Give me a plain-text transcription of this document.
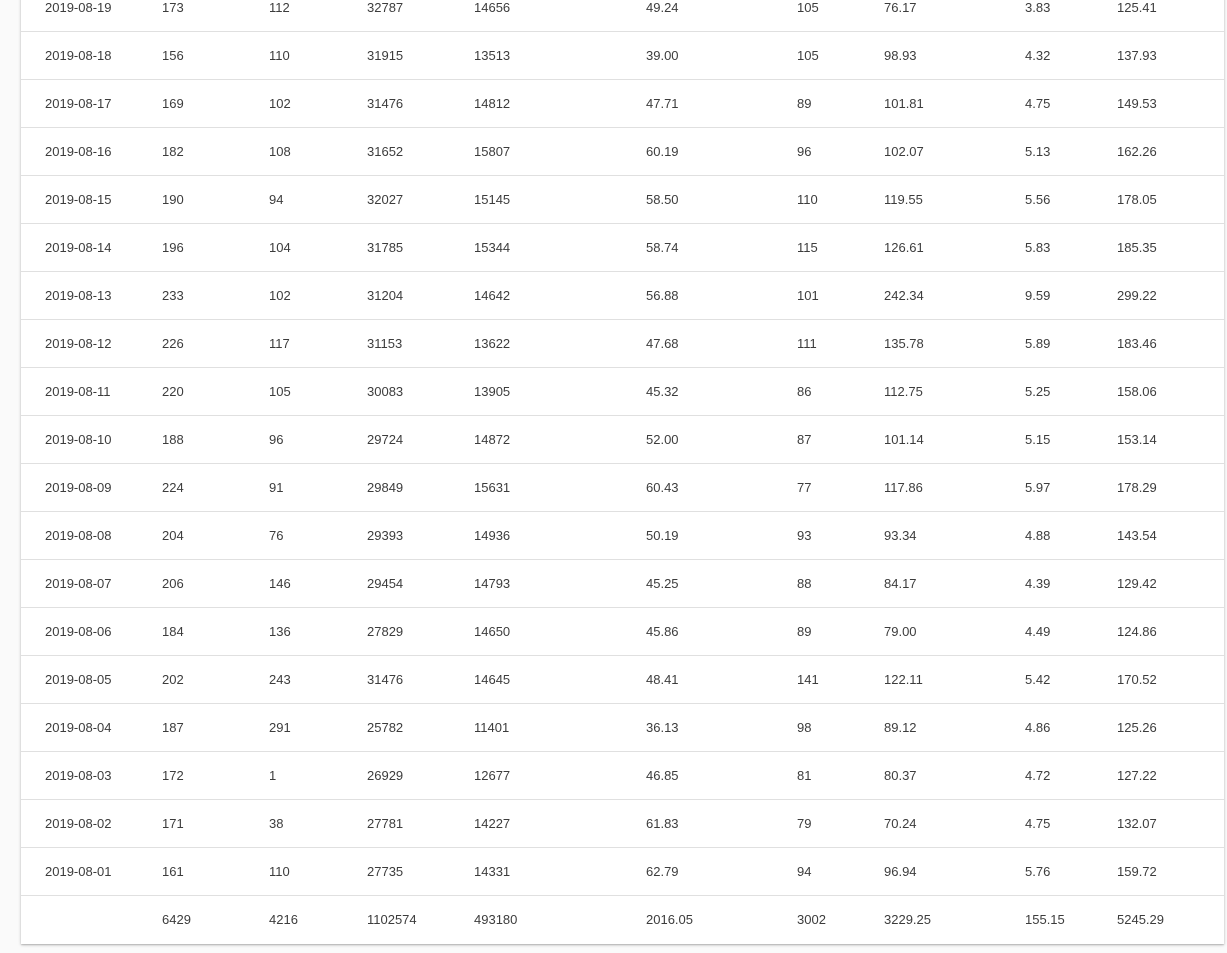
2019-08-19	173	112	32787	14656	49.24	105	76.17	3.83	125.41
2019-08-18	156	110	31915	13513	39.00	105	98.93	4.32	137.93
2019-08-17	169	102	31476	14812	47.71	89	101.81	4.75	149.53
2019-08-16	182	108	31652	15807	60.19	96	102.07	5.13	162.26
2019-08-15	190	94	32027	15145	58.50	110	119.55	5.56	178.05
2019-08-14	196	104	31785	15344	58.74	115	126.61	5.83	185.35
2019-08-13	233	102	31204	14642	56.88	101	242.34	9.59	299.22
2019-08-12	226	117	31153	13622	47.68	111	135.78	5.89	183.46
2019-08-11	220	105	30083	13905	45.32	86	112.75	5.25	158.06
2019-08-10	188	96	29724	14872	52.00	87	101.14	5.15	153.14
2019-08-09	224	91	29849	15631	60.43	77	117.86	5.97	178.29
2019-08-08	204	76	29393	14936	50.19	93	93.34	4.88	143.54
2019-08-07	206	146	29454	14793	45.25	88	84.17	4.39	129.42
2019-08-06	184	136	27829	14650	45.86	89	79.00	4.49	124.86
2019-08-05	202	243	31476	14645	48.41	141	122.11	5.42	170.52
2019-08-04	187	291	25782	11401	36.13	98	89.12	4.86	125.26
2019-08-03	172	1	26929	12677	46.85	81	80.37	4.72	127.22
2019-08-02	171	38	27781	14227	61.83	79	70.24	4.75	132.07
2019-08-01	161	110	27735	14331	62.79	94	96.94	5.76	159.72
	6429	4216	1102574	493180	2016.05	3002	3229.25	155.15	5245.29
